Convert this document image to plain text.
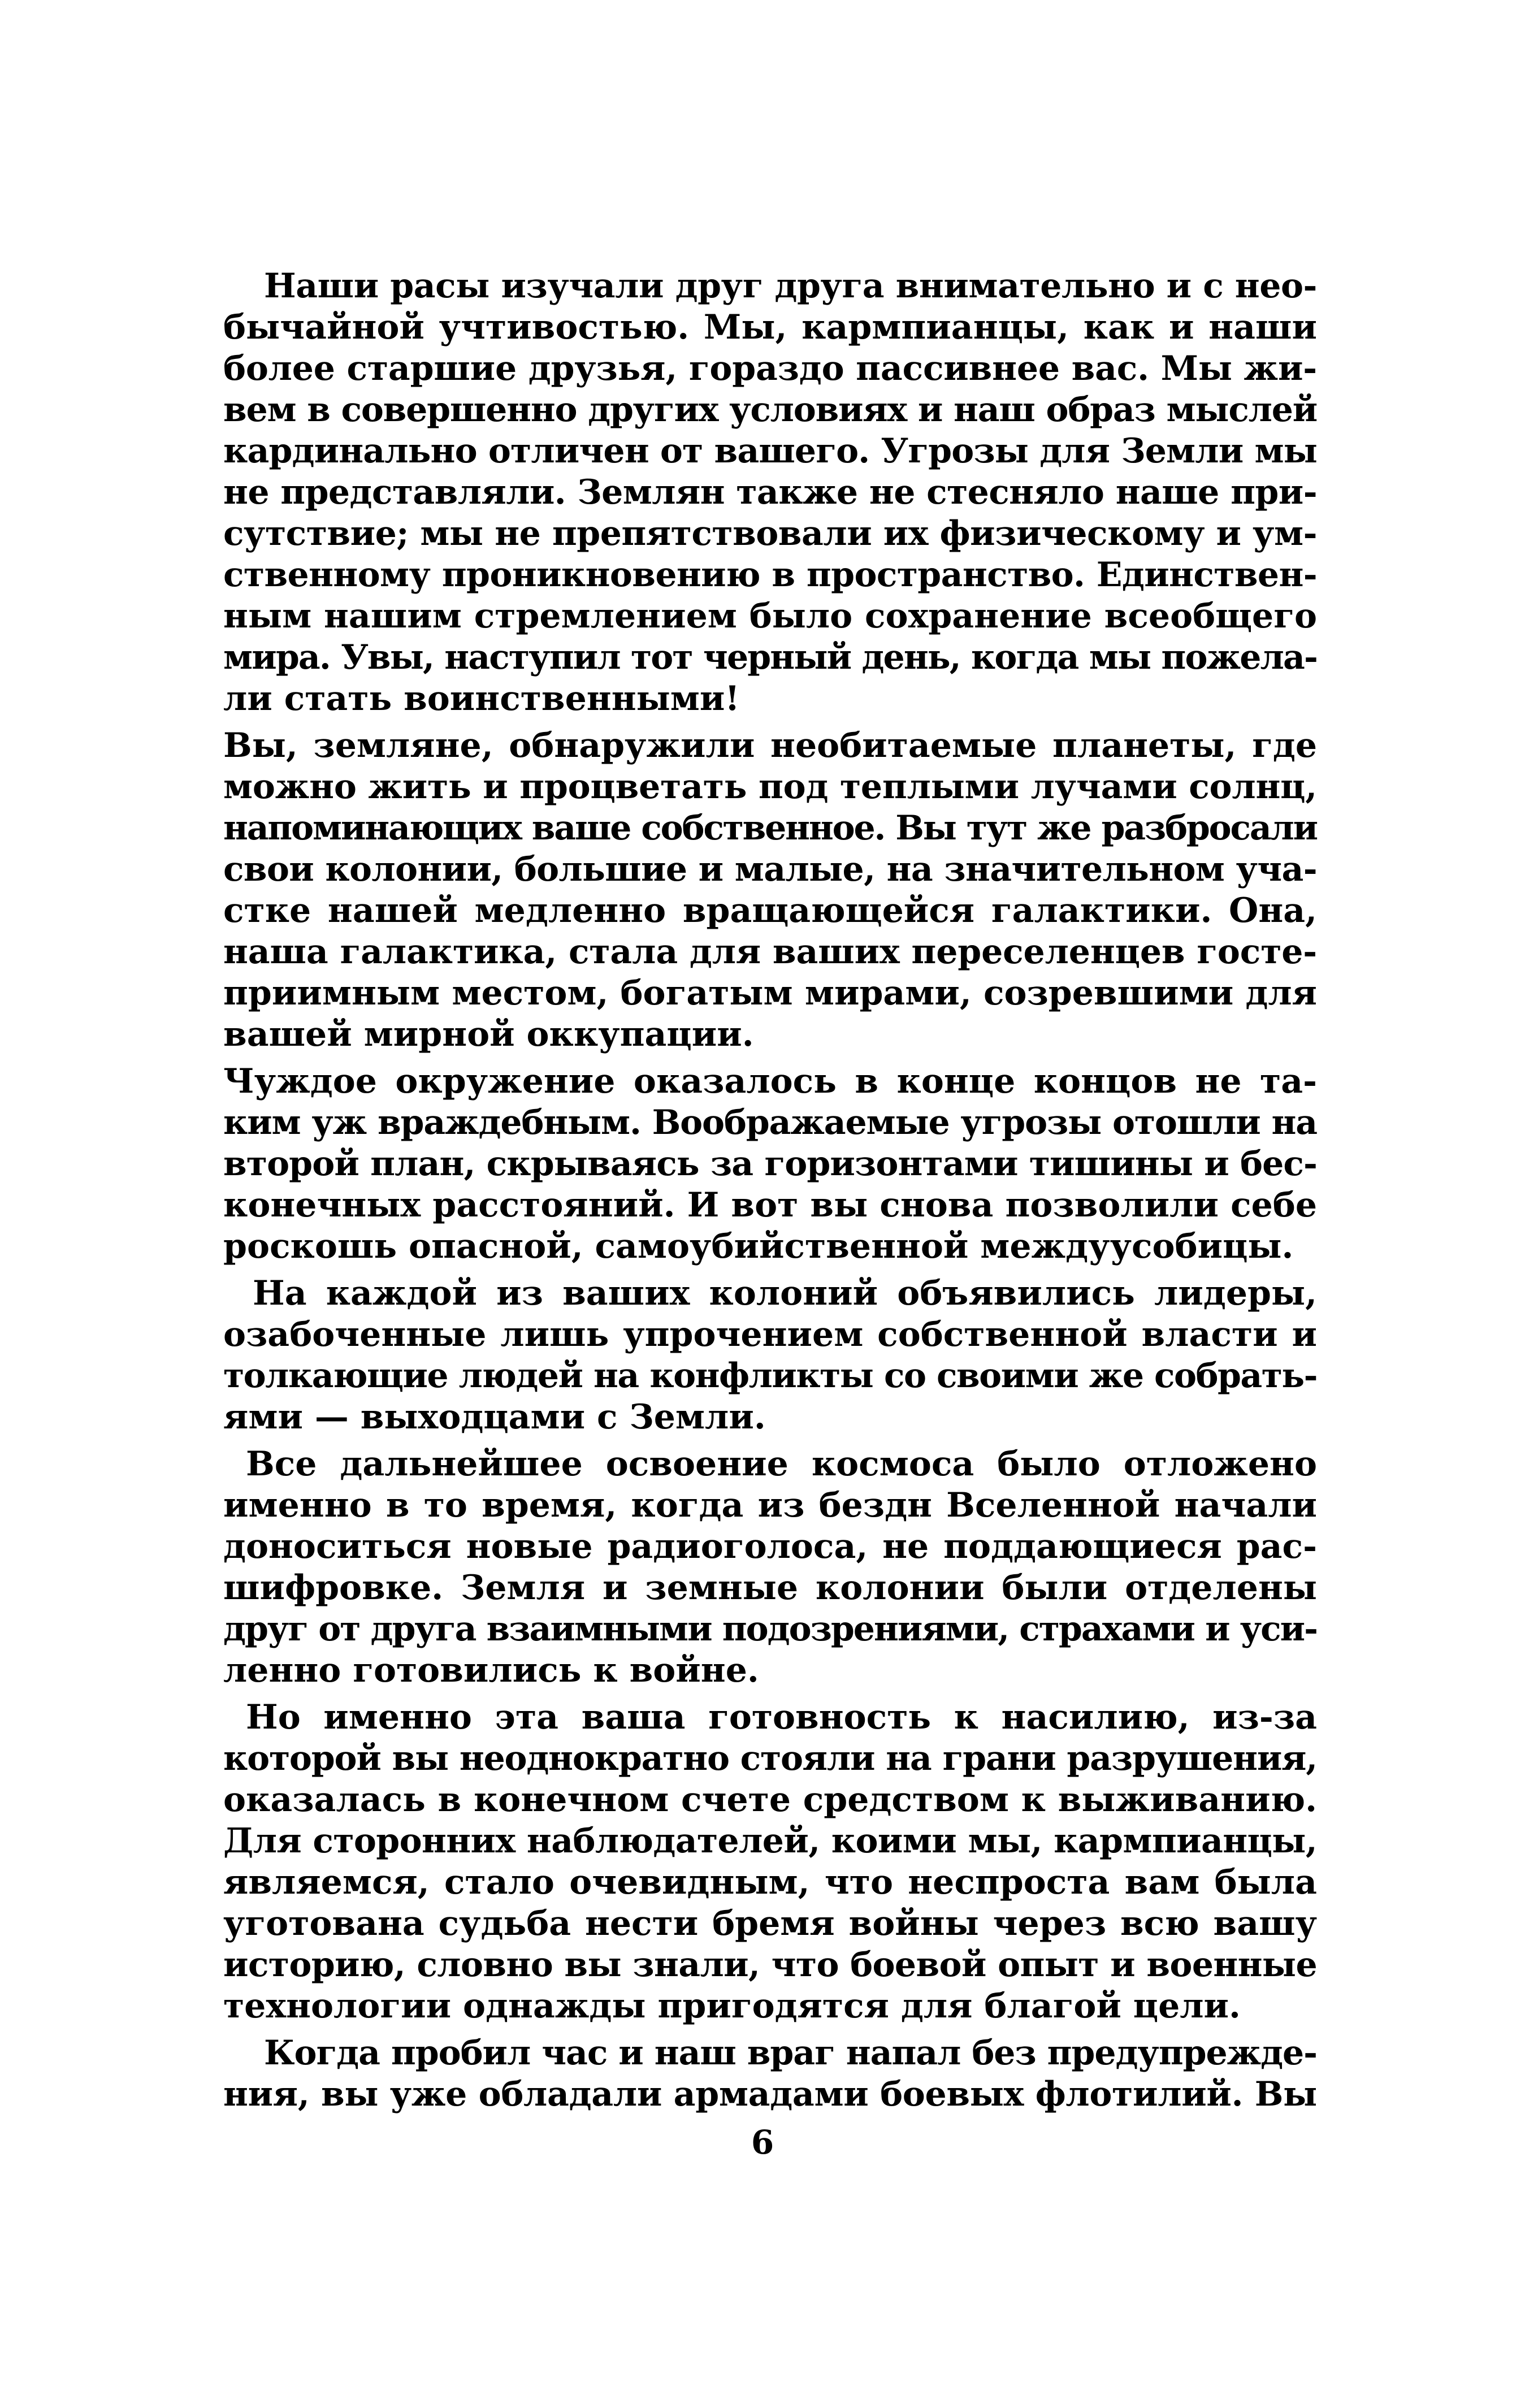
Наши расы изучали друг друга внимательно и с нео-
бычайной учтивостью. Мы, кармпианцы, как и наши
более старшие друзья, гораздо пассивнее вас. Мы жи-
вем в совершенно других условиях и наш образ мыслей
кардинально отличен от вашего. Угрозы для Земли мы
не представляли. Землян также не стесняло наше при-
сутствие; мы не препятствовали их физическому и ум-
ственному проникновению в пространство. Единствен-
ным нашим стремлением было сохранение всеобщего
мира. Увы, наступил тот черный день, когда мы пожела-
ли стать воинственными!
Вы, земляне, обнаружили необитаемые планеты, где
можно жить и процветать под теплыми лучами солнц,
напоминающих ваше собственное. Вы тут же разбросали
свои колонии, большие и малые, на значительном уча-
стке нашей медленно вращающейся галактики. Она,
наша галактика, стала для ваших переселенцев госте-
приимным местом, богатым мирами, созревшими для
вашей мирной оккупации.
Чуждое окружение оказалось в конце концов не та-
ким уж враждебным. Воображаемые угрозы отошли на
второй план, скрываясь за горизонтами тишины и бес-
конечных расстояний. И вот вы снова позволили себе
роскошь опасной, самоубийственной междуусобицы.
На каждой из ваших колоний объявились лидеры,
озабоченные лишь упрочением собственной власти и
толкающие людей на конфликты со своими же собрать-
ями — выходцами с Земли.
Все дальнейшее освоение космоса было отложено
именно в то время, когда из бездн Вселенной начали
доноситься новые радиоголоса, не поддающиеся рас-
шифровке. Земля и земные колонии были отделены
друг от друга взаимными подозрениями, страхами и уси-
ленно готовились к войне.
Но именно эта ваша готовность к насилию, из-за
которой вы неоднократно стояли на грани разрушения,
оказалась в конечном счете средством к выживанию.
Для сторонних наблюдателей, коими мы, кармпианцы,
являемся, стало очевидным, что неспроста вам была
уготована судьба нести бремя войны через всю вашу
историю, словно вы знали, что боевой опыт и военные
технологии однажды пригодятся для благой цели.
Когда пробил час и наш враг напал без предупрежде-
ния, вы уже обладали армадами боевых флотилий. Вы
6
